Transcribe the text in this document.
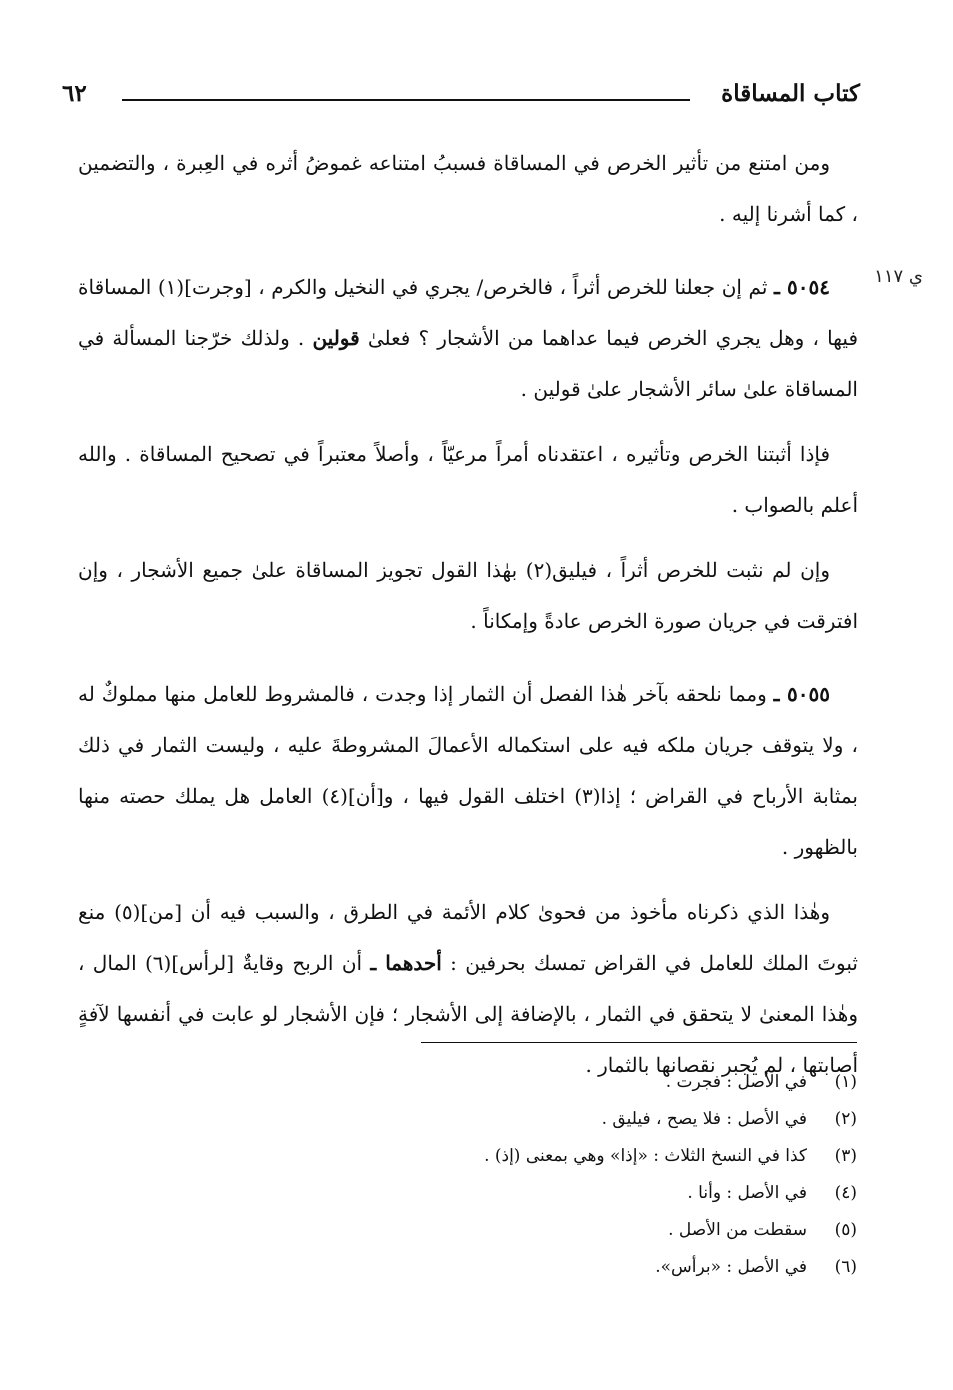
كتاب المساقاة
٦٢
ي ١١٧

ومن امتنع من تأثير الخرص في المساقاة فسببُ امتناعه غموضُ أثره في العِبرة ، والتضمين ، كما أشرنا إليه .

٥٠٥٤ ـ ثم إن جعلنا للخرص أثراً ، فالخرص/ يجري في النخيل والكرم ، [وجرت](١) المساقاة فيها ، وهل يجري الخرص فيما عداهما من الأشجار ؟ فعلىٰ قولين . ولذلك خرّجنا المسألة في المساقاة علىٰ سائر الأشجار علىٰ قولين .

فإذا أثبتنا الخرص وتأثيره ، اعتقدناه أمراً مرعيّاً ، وأصلاً معتبراً في تصحيح المساقاة . والله أعلم بالصواب .

وإن لم نثبت للخرص أثراً ، فيليق(٢) بهٰذا القول تجويز المساقاة علىٰ جميع الأشجار ، وإن افترقت في جريان صورة الخرص عادةً وإمكاناً .

٥٠٥٥ ـ ومما نلحقه بآخر هٰذا الفصل أن الثمار إذا وجدت ، فالمشروط للعامل منها مملوكٌ له ، ولا يتوقف جريان ملكه فيه على استكماله الأعمالَ المشروطةَ عليه ، وليست الثمار في ذلك بمثابة الأرباح في القراض ؛ إذا(٣) اختلف القول فيها ، و[أن](٤) العامل هل يملك حصته منها بالظهور .

وهٰذا الذي ذكرناه مأخوذ من فحوىٰ كلام الأئمة في الطرق ، والسبب فيه أن [من](٥) منع ثبوتَ الملك للعامل في القراض تمسك بحرفين : أحدهما ـ أن الربح وقايةٌ [لرأس](٦) المال ، وهٰذا المعنىٰ لا يتحقق في الثمار ، بالإضافة إلى الأشجار ؛ فإن الأشجار لو عابت في أنفسها لآفةٍ أصابتها ، لم يُجبر نقصانها بالثمار .

(١)
في الأصل : فجرت .
(٢)
في الأصل : فلا يصح ، فيليق .
(٣)
كذا في النسخ الثلاث : «إذا» وهي بمعنى (إذ) .
(٤)
في الأصل : وأنا .
(٥)
سقطت من الأصل .
(٦)
في الأصل : «برأس».
